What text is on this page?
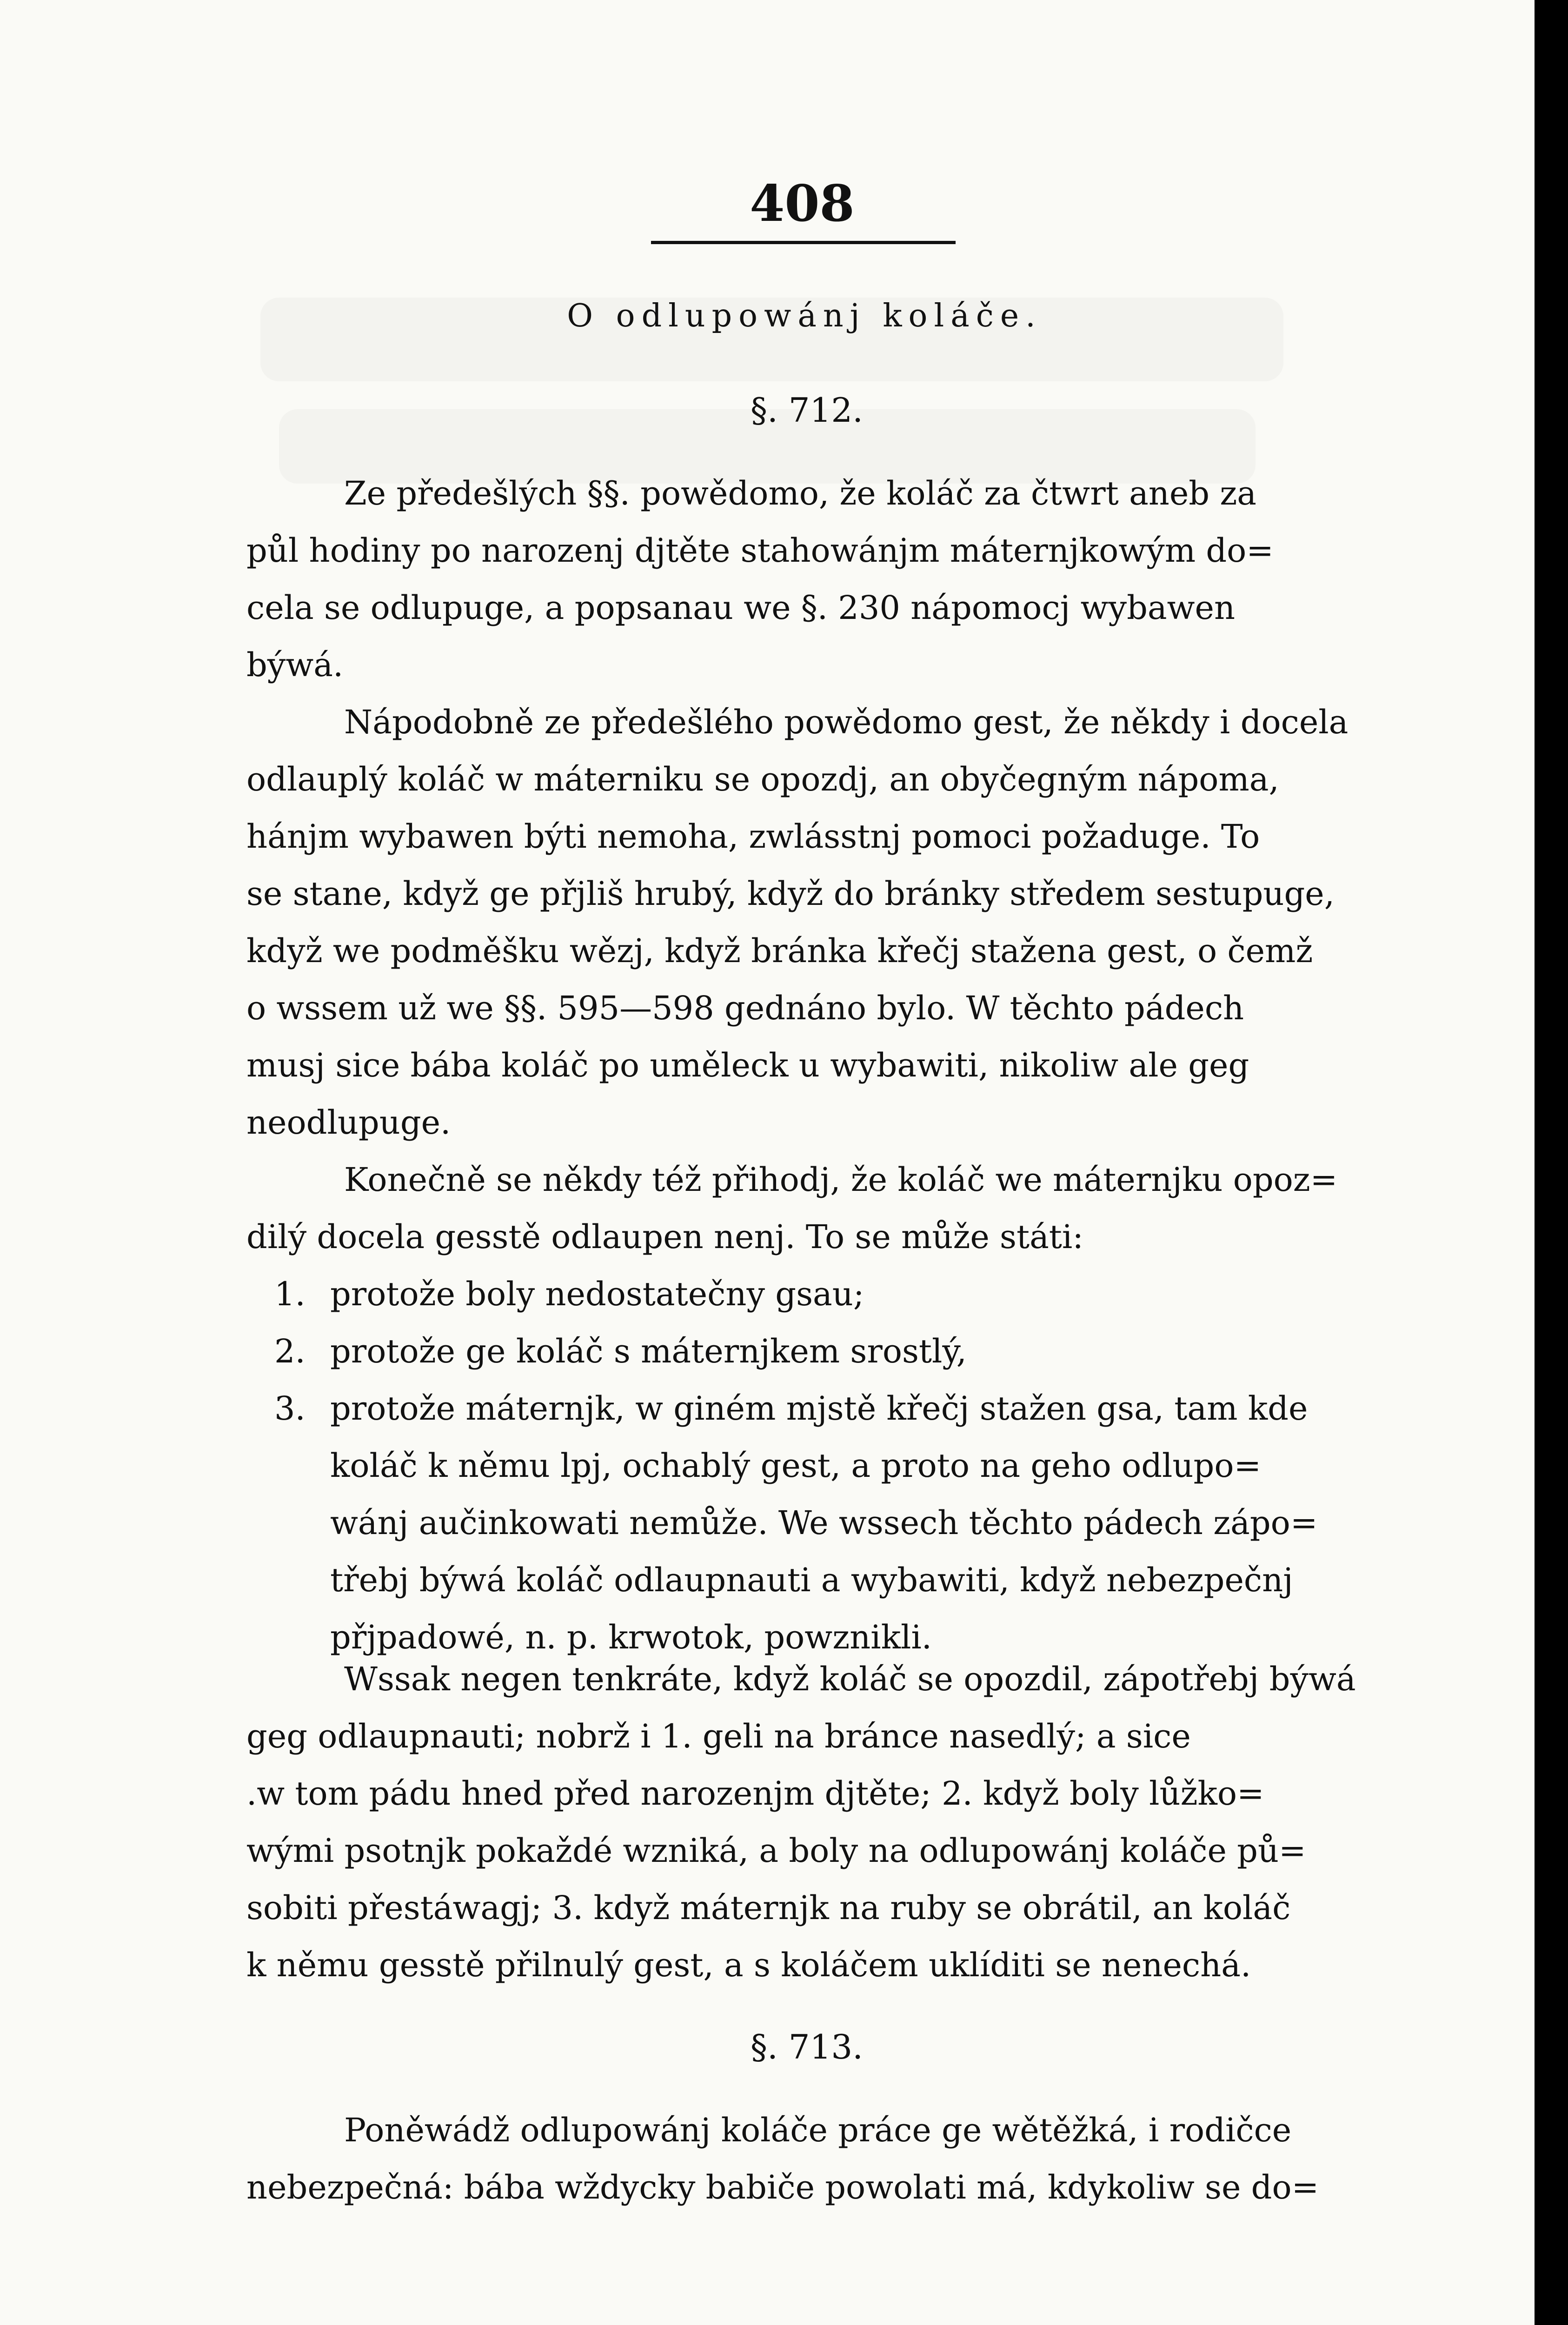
408
O odlupowánj koláče.
§. 712.
Ze předešlých §§. powědomo, že koláč za čtwrt aneb za
půl hodiny po narozenj djtěte stahowánjm máternjkowým do=
cela se odlupuge, a popsanau we §. 230 nápomocj wybawen
býwá.
Nápodobně ze předešlého powědomo gest, že někdy i docela
odlauplý koláč w máterniku se opozdj, an obyčegným nápoma,
hánjm wybawen býti nemoha, zwlásstnj pomoci požaduge. To
se stane, když ge přjliš hrubý, když do bránky středem sestupuge,
když we podměšku wězj, když bránka křečj stažena gest, o čemž
o wssem už we §§. 595—598 gednáno bylo. W těchto pádech
musj sice bába koláč po uměleck u wybawiti, nikoliw ale geg
neodlupuge.
Konečně se někdy též přihodj, že koláč we máternjku opoz=
dilý docela gesstě odlaupen nenj. To se může státi:
1. protože boly nedostatečny gsau;
2. protože ge koláč s máternjkem srostlý,
3. protože máternjk, w giném mjstě křečj stažen gsa, tam kde
koláč k němu lpj, ochablý gest, a proto na geho odlupo=
wánj aučinkowati nemůže. We wssech těchto pádech zápo=
třebj býwá koláč odlaupnauti a wybawiti, když nebezpečnj
přjpadowé, n. p. krwotok, powznikli.
Wssak negen tenkráte, když koláč se opozdil, zápotřebj býwá
geg odlaupnauti; nobrž i 1. geli na bránce nasedlý; a sice
.w tom pádu hned před narozenjm djtěte; 2. když boly lůžko=
wými psotnjk pokaždé wzniká, a boly na odlupowánj koláče pů=
sobiti přestáwagj; 3. když máternjk na ruby se obrátil, an koláč
k němu gesstě přilnulý gest, a s koláčem uklíditi se nenechá.
§. 713.
Poněwádž odlupowánj koláče práce ge wětěžká, i rodičce
nebezpečná: bába wždycky babiče powolati má, kdykoliw se do=
